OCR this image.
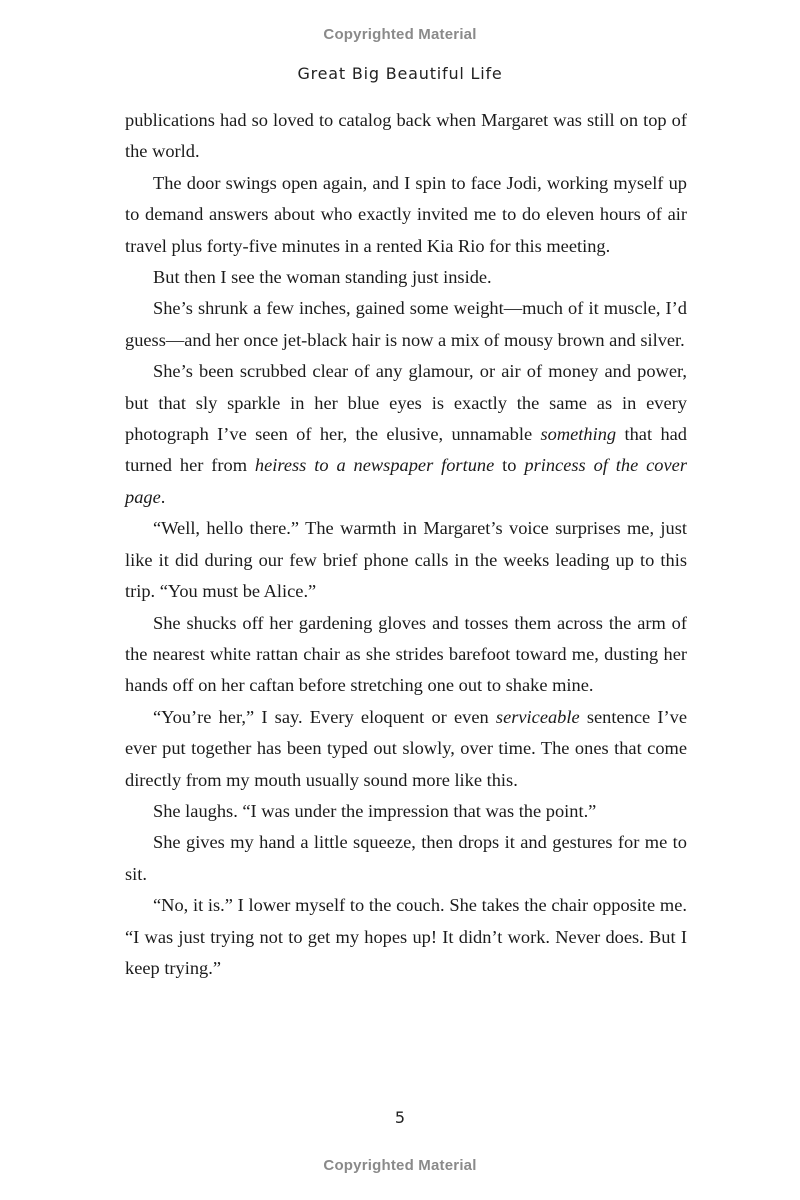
Copyrighted Material
Great Big Beautiful Life

publications had so loved to catalog back when Margaret was still on top of the world.

The door swings open again, and I spin to face Jodi, working myself up to demand answers about who exactly invited me to do eleven hours of air travel plus forty-five minutes in a rented Kia Rio for this meeting.

But then I see the woman standing just inside.

She’s shrunk a few inches, gained some weight—much of it muscle, I’d guess—and her once jet-black hair is now a mix of mousy brown and silver.

She’s been scrubbed clear of any glamour, or air of money and power, but that sly sparkle in her blue eyes is exactly the same as in every photograph I’ve seen of her, the elusive, unnamable something that had turned her from heiress to a newspaper fortune to princess of the cover page.

“Well, hello there.” The warmth in Margaret’s voice surprises me, just like it did during our few brief phone calls in the weeks leading up to this trip. “You must be Alice.”

She shucks off her gardening gloves and tosses them across the arm of the nearest white rattan chair as she strides barefoot toward me, dusting her hands off on her caftan before stretching one out to shake mine.

“You’re her,” I say. Every eloquent or even serviceable sentence I’ve ever put together has been typed out slowly, over time. The ones that come directly from my mouth usually sound more like this.

She laughs. “I was under the impression that was the point.”

She gives my hand a little squeeze, then drops it and gestures for me to sit.

“No, it is.” I lower myself to the couch. She takes the chair opposite me. “I was just trying not to get my hopes up! It didn’t work. Never does. But I keep trying.”

5
Copyrighted Material
